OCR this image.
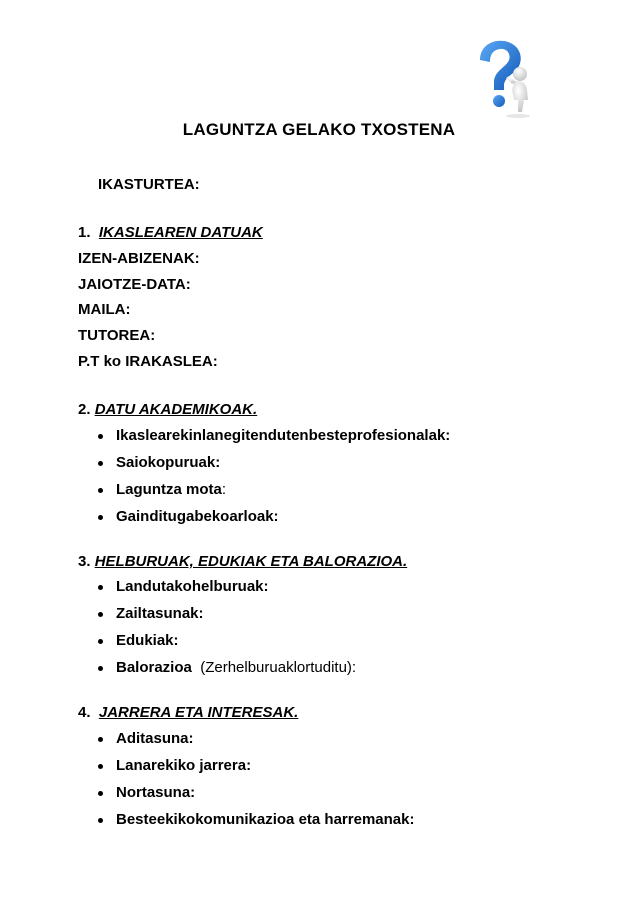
LAGUNTZA GELAKO TXOSTENA
IKASTURTEA:
1. IKASLEAREN DATUAK
IZEN-ABIZENAK:
JAIOTZE-DATA:
MAILA:
TUTOREA:
P.T ko IRAKASLEA:
2. DATU AKADEMIKOAK.
Ikaslearekinlanegitendutenbesteprofesionalak:
Saiokopuruak:
Laguntza mota:
Gainditugabekoarloak:
3. HELBURUAK, EDUKIAK ETA BALORAZIOA.
Landutakohelburuak:
Zailtasunak:
Edukiak:
Balorazioa  (Zerhelburuaklortuditu):
4. JARRERA ETA INTERESAK.
Aditasuna:
Lanarekiko jarrera:
Nortasuna:
Besteekikokomunikazioa eta harremanak:
